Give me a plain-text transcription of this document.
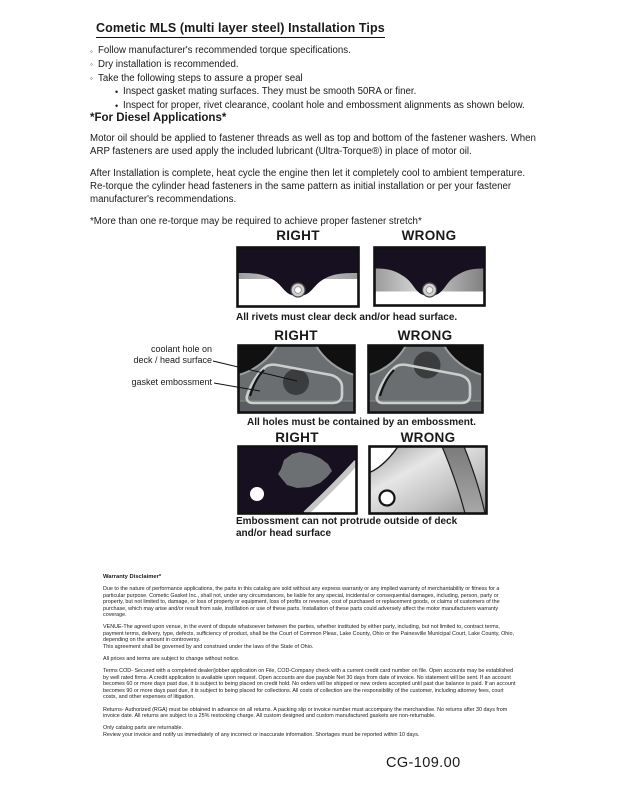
Cometic MLS (multi layer steel) Installation Tips
◦ Follow manufacturer's recommended torque specifications.
◦ Dry installation is recommended.
◦ Take the following steps to assure a proper seal
• Inspect gasket mating surfaces. They must be smooth 50RA or finer.
• Inspect for proper, rivet clearance, coolant hole and embossment alignments as shown below.
*For Diesel Applications*

Motor oil should be applied to fastener threads as well as top and bottom of the fastener washers. When ARP fasteners are used apply the included lubricant (Ultra-Torque®) in place of motor oil.

After Installation is complete, heat cycle the engine then let it completely cool to ambient temperature. Re-torque the cylinder head fasteners in the same pattern as initial installation or per your fastener manufacturer's recommendations.

*More than one re-torque may be required to achieve proper fastener stretch*

RIGHT	WRONG
All rivets must clear deck and/or head surface.
RIGHT	WRONG
coolant hole on
deck / head surface
gasket embossment
All holes must be contained by an embossment.
RIGHT	WRONG
Embossment can not protrude outside of deck
and/or head surface
Warranty Disclaimer*

Due to the nature of performance applications, the parts in this catalog are sold without any express warranty or any implied warranty of merchantability or fitness for a particular purpose. Cometic Gasket Inc., shall not, under any circumstances, be liable for any special, incidental or consequential damages, including, person, party or property, but not limited to, damage, or loss of property or equipment, loss of profits or revenue, cost of purchased or replacement goods, or claims of customers of the purchase, which may arise and/or result from sale, instillation or use of these parts. Installation of these parts could adversely affect the motor manufacturers warranty coverage.

VENUE-The agreed upon venue, in the event of dispute whatsoever between the parties, whether instituted by either party, including, but not limited to, contract terms, payment terms, delivery, type, defects, sufficiency of product, shall be the Court of Common Pleas, Lake County, Ohio or the Painesville Municipal Court, Lake County, Ohio, depending on the amount in controversy.

This agreement shall be governed by and construed under the laws of the State of Ohio.

All prices and terms are subject to change without notice.

Terms COD- Secured with a completed dealer/jobber application on File, COD-Company check with a current credit card number on file. Open accounts may be established by well rated firms. A credit application is available upon request. Open accounts are due payable Net 30 days from date of invoice. No statement will be sent. If an account becomes 60 or more days past due, it is subject to being placed on credit hold. No orders will be shipped or new orders accepted until past due balance is paid. If an account becomes 90 or more days past due, it is subject to being placed for collections. All costs of collection are the responsibility of the customer, including attorney fees, court costs, and other expenses of litigation.

Returns- Authorized (RGA) must be obtained in advance on all returns. A packing slip or invoice number must accompany the merchandise. No returns after 30 days from invoice date. All returns are subject to a 25% restocking charge. All custom designed and custom manufactured gaskets are non-returnable.

Only catalog parts are returnable.

Review your invoice and notify us immediately of any incorrect or inaccurate information. Shortages must be reported within 10 days.

CG-109.00
